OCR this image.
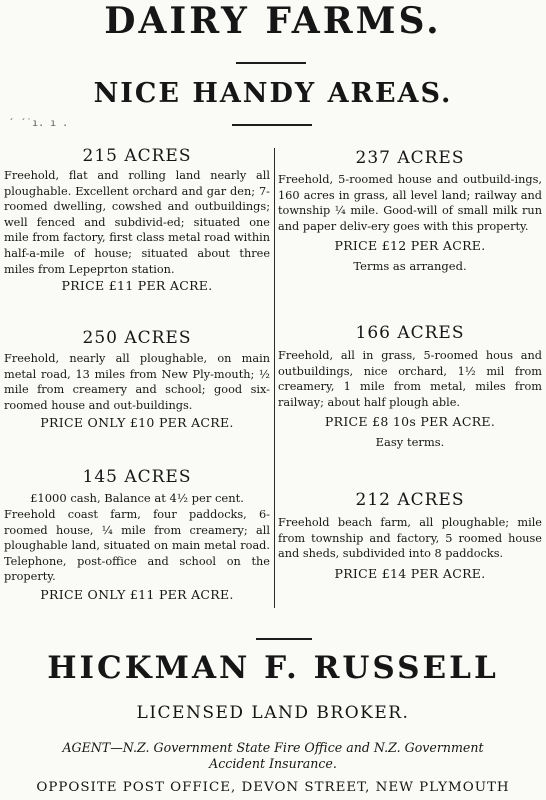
DAIRY FARMS.
NICE HANDY AREAS.
´ ´˙ı. ı .
215 ACRES
Freehold, flat and rolling land nearly all ploughable. Excellent orchard and gar den; 7-roomed dwelling, cowshed and outbuildings; well fenced and subdivid-ed; situated one mile from factory, first class metal road within half-a-mile of house; situated about three miles from Lepeprton station.
PRICE £11 PER ACRE.
250 ACRES
Freehold, nearly all ploughable, on main metal road, 13 miles from New Ply-mouth; ½ mile from creamery and school; good six-roomed house and out-buildings.
PRICE ONLY £10 PER ACRE.
145 ACRES
£1000 cash, Balance at 4½ per cent.
Freehold coast farm, four paddocks, 6-roomed house, ¼ mile from creamery; all ploughable land, situated on main metal road. Telephone, post-office and school on the property.
PRICE ONLY £11 PER ACRE.
237 ACRES
Freehold, 5-roomed house and outbuild-ings, 160 acres in grass, all level land; railway and township ¼ mile. Good-will of small milk run and paper deliv-ery goes with this property.
PRICE £12 PER ACRE.
Terms as arranged.
166 ACRES
Freehold, all in grass, 5-roomed hous and outbuildings, nice orchard, 1½ mil from creamery, 1 mile from metal, miles from railway; about half plough able.
PRICE £8 10s PER ACRE.
Easy terms.
212 ACRES
Freehold beach farm, all ploughable; mile from township and factory, 5 roomed house and sheds, subdivided into 8 paddocks.
PRICE £14 PER ACRE.
HICKMAN F. RUSSELL
LICENSED LAND BROKER.
AGENT—N.Z. Government State Fire Office and N.Z. Government Accident Insurance.
OPPOSITE POST OFFICE, DEVON STREET, NEW PLYMOUTH
